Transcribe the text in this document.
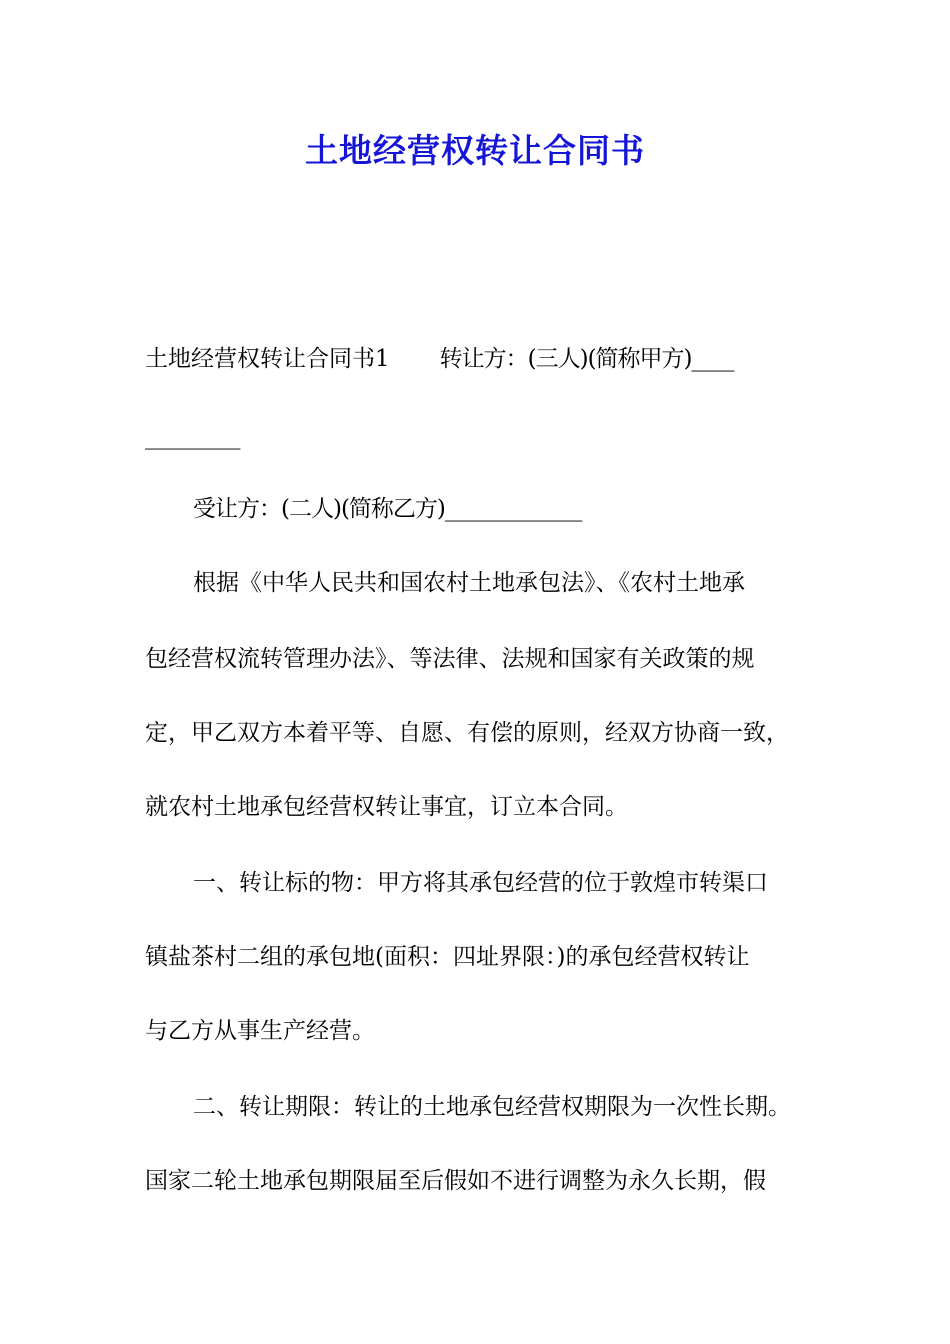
土地经营权转让合同书
土地经营权转让合同书1 转让方：(三人)(简称甲方)____
_________
受让方：(二人)(简称乙方)_____________
根据《中华人民共和国农村土地承包法》、《农村土地承
包经营权流转管理办法》、等法律、法规和国家有关政策的规
定，甲乙双方本着平等、自愿、有偿的原则，经双方协商一致，
就农村土地承包经营权转让事宜，订立本合同。
一、转让标的物：甲方将其承包经营的位于敦煌市转渠口
镇盐茶村二组的承包地(面积：四址界限：)的承包经营权转让
与乙方从事生产经营。
二、转让期限：转让的土地承包经营权期限为一次性长期。
国家二轮土地承包期限届至后假如不进行调整为永久长期，假
